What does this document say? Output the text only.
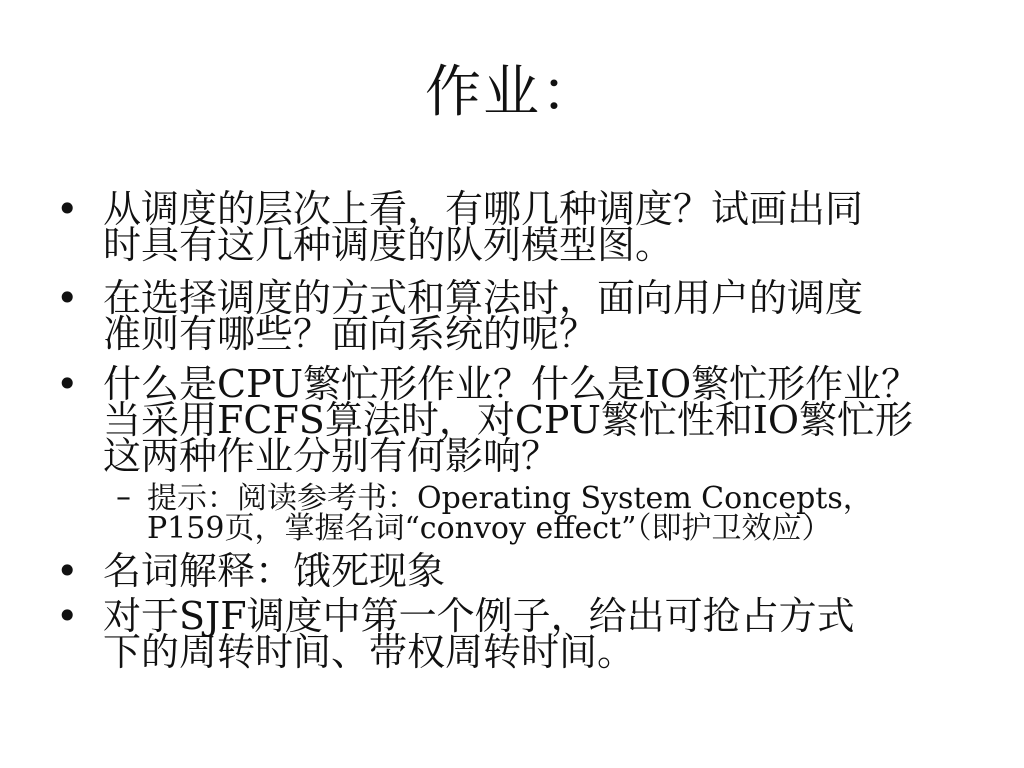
作业：
• 从调度的层次上看，有哪几种调度？试画出同
时具有这几种调度的队列模型图。
• 在选择调度的方式和算法时，面向用户的调度
准则有哪些？面向系统的呢？
• 什么是CPU繁忙形作业？什么是IO繁忙形作业？
当采用FCFS算法时，对CPU繁忙性和IO繁忙形
这两种作业分别有何影响？
– 提示：阅读参考书：Operating System Concepts，
P159页，掌握名词“convoy effect”（即护卫效应）
• 名词解释：饿死现象
• 对于SJF调度中第一个例子，给出可抢占方式
下的周转时间、带权周转时间。
